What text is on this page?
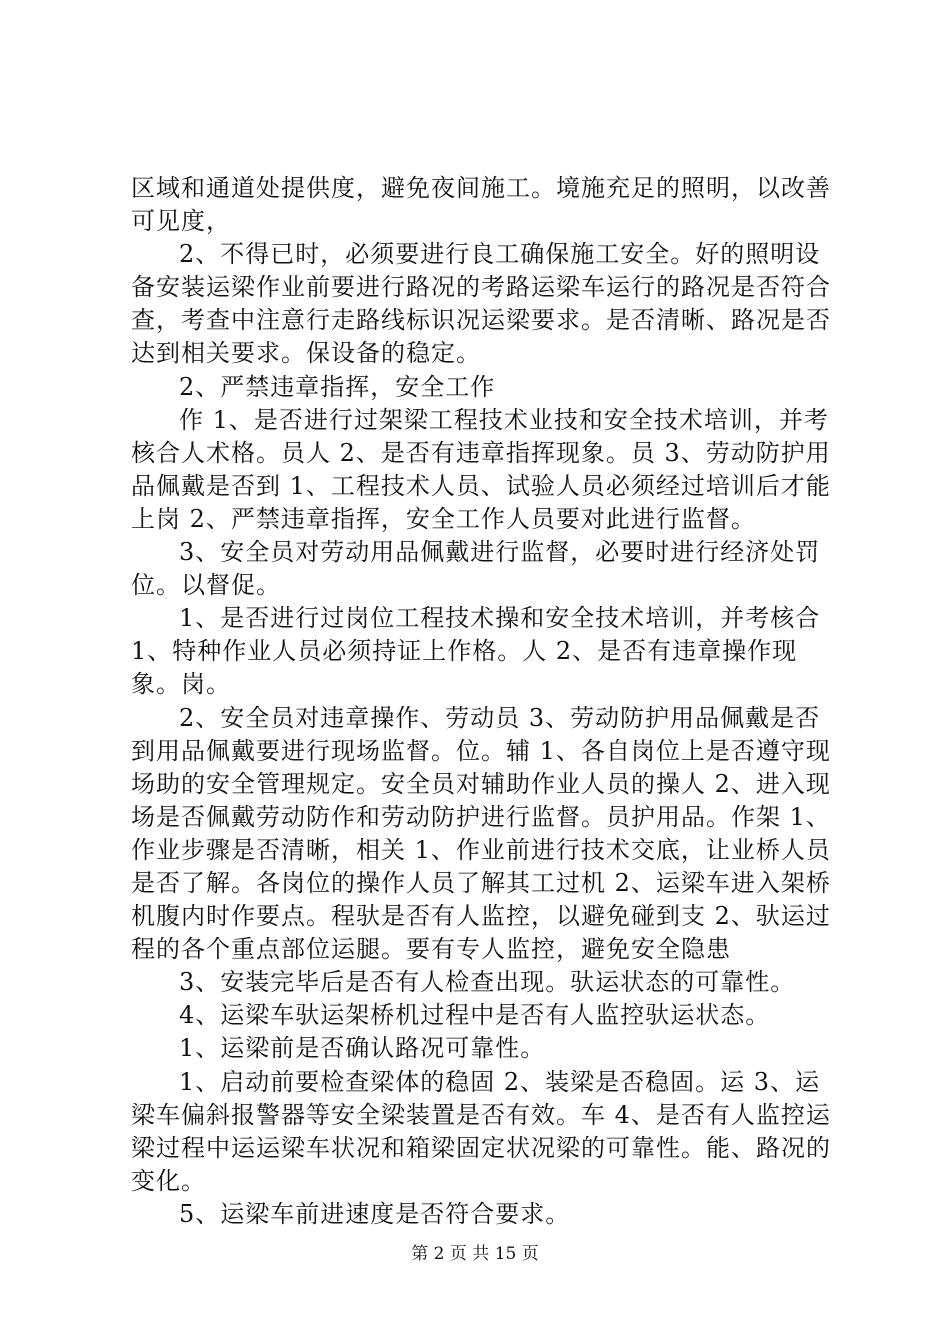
区域和通道处提供度，避免夜间施工。境施充足的照明，以改善可见度，

2、不得已时，必须要进行良工确保施工安全。好的照明设备安装运梁作业前要进行路况的考路运梁车运行的路况是否符合查，考查中注意行走路线标识况运梁要求。是否清晰、路况是否达到相关要求。保设备的稳定。

2、严禁违章指挥，安全工作

作 1、是否进行过架梁工程技术业技和安全技术培训，并考核合人术格。员人 2、是否有违章指挥现象。员 3、劳动防护用品佩戴是否到 1、工程技术人员、试验人员必须经过培训后才能上岗 2、严禁违章指挥，安全工作人员要对此进行监督。

3、安全员对劳动用品佩戴进行监督，必要时进行经济处罚位。以督促。

1、是否进行过岗位工程技术操和安全技术培训，并考核合 1、特种作业人员必须持证上作格。人 2、是否有违章操作现象。岗。

2、安全员对违章操作、劳动员 3、劳动防护用品佩戴是否到用品佩戴要进行现场监督。位。辅 1、各自岗位上是否遵守现场助的安全管理规定。安全员对辅助作业人员的操人 2、进入现场是否佩戴劳动防作和劳动防护进行监督。员护用品。作架 1、作业步骤是否清晰，相关 1、作业前进行技术交底，让业桥人员是否了解。各岗位的操作人员了解其工过机 2、运梁车进入架桥机腹内时作要点。程驮是否有人监控，以避免碰到支 2、驮运过程的各个重点部位运腿。要有专人监控，避免安全隐患

3、安装完毕后是否有人检查出现。驮运状态的可靠性。

4、运梁车驮运架桥机过程中是否有人监控驮运状态。

1、运梁前是否确认路况可靠性。

1、启动前要检查梁体的稳固 2、装梁是否稳固。运 3、运梁车偏斜报警器等安全梁装置是否有效。车 4、是否有人监控运梁过程中运运梁车状况和箱梁固定状况梁的可靠性。能、路况的变化。

5、运梁车前进速度是否符合要求。

第 2 页 共 15 页
